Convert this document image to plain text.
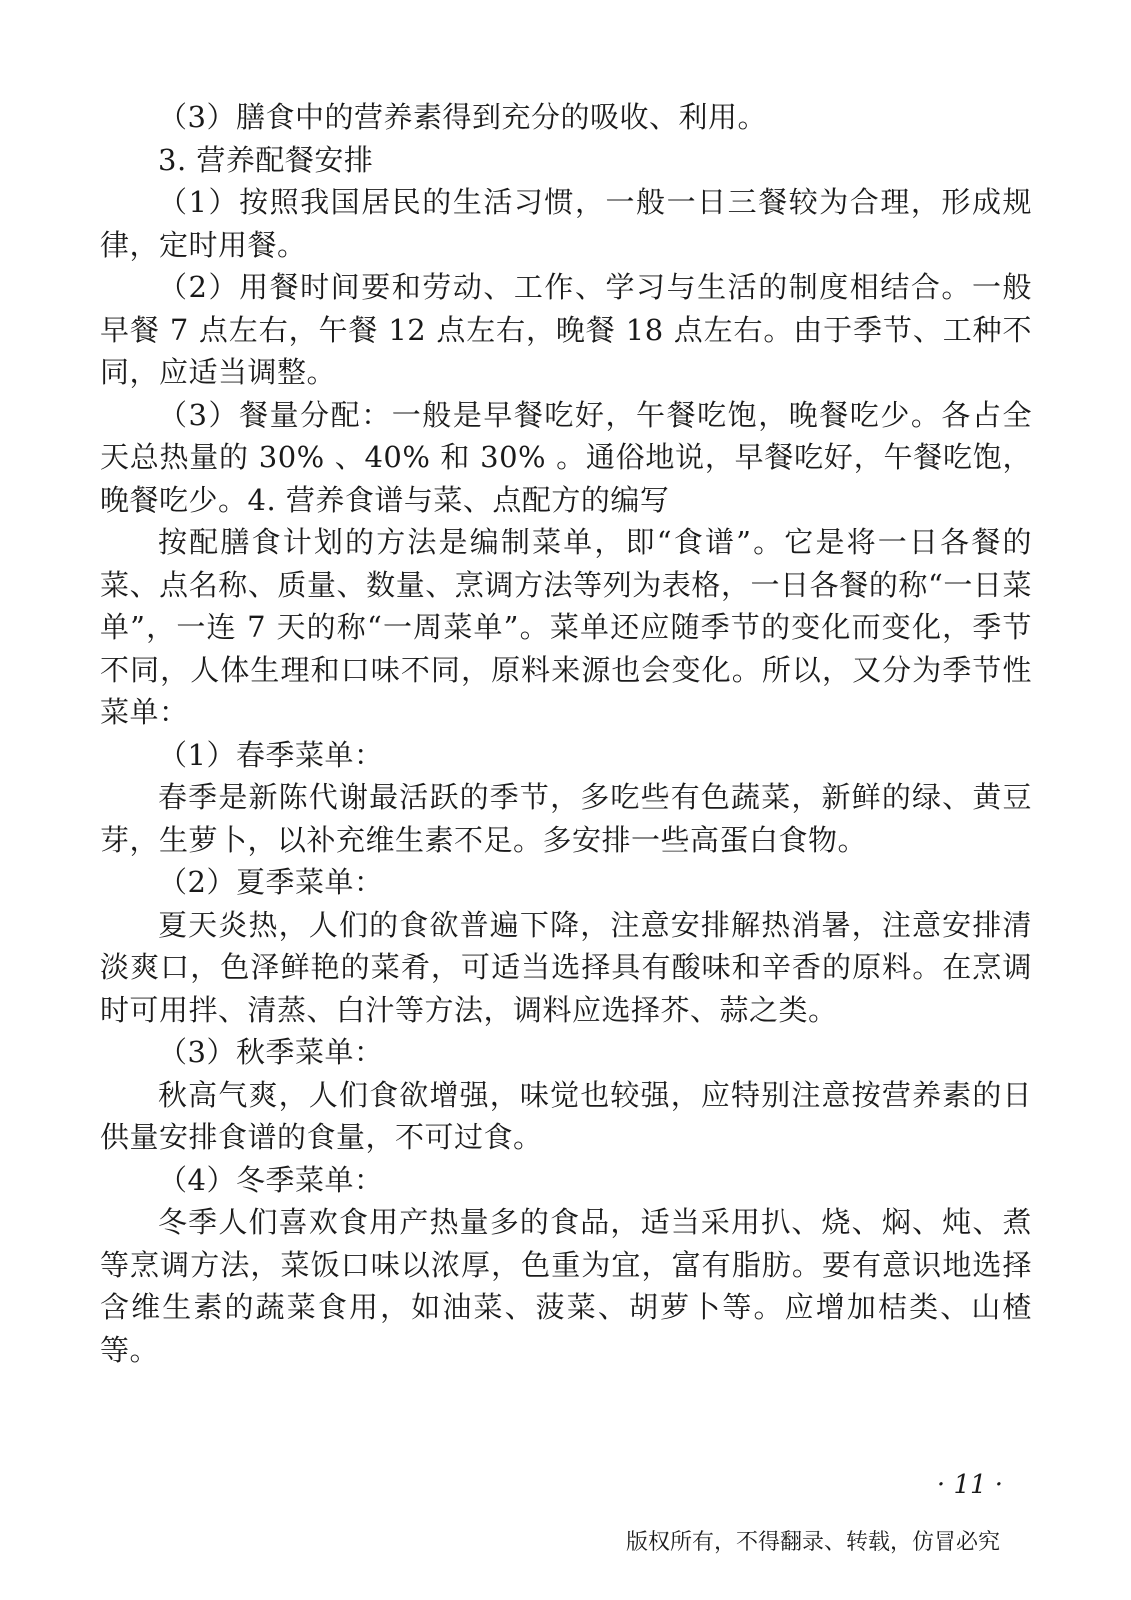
（3）膳食中的营养素得到充分的吸收、利用。

3. 营养配餐安排

（1）按照我国居民的生活习惯，一般一日三餐较为合理，形成规律，定时用餐。

（2）用餐时间要和劳动、工作、学习与生活的制度相结合。一般早餐 7 点左右，午餐 12 点左右，晚餐 18 点左右。由于季节、工种不同，应适当调整。

（3）餐量分配：一般是早餐吃好，午餐吃饱，晚餐吃少。各占全天总热量的 30% 、40% 和 30% 。通俗地说，早餐吃好，午餐吃饱，晚餐吃少。4. 营养食谱与菜、点配方的编写

按配膳食计划的方法是编制菜单，即“食谱”。它是将一日各餐的菜、点名称、质量、数量、烹调方法等列为表格，一日各餐的称“一日菜单”，一连 7 天的称“一周菜单”。菜单还应随季节的变化而变化，季节不同，人体生理和口味不同，原料来源也会变化。所以，又分为季节性菜单：

（1）春季菜单：

春季是新陈代谢最活跃的季节，多吃些有色蔬菜，新鲜的绿、黄豆芽，生萝卜，以补充维生素不足。多安排一些高蛋白食物。

（2）夏季菜单：

夏天炎热，人们的食欲普遍下降，注意安排解热消暑，注意安排清淡爽口，色泽鲜艳的菜肴，可适当选择具有酸味和辛香的原料。在烹调时可用拌、清蒸、白汁等方法，调料应选择芥、蒜之类。

（3）秋季菜单：

秋高气爽，人们食欲增强，味觉也较强，应特别注意按营养素的日供量安排食谱的食量，不可过食。

（4）冬季菜单：

冬季人们喜欢食用产热量多的食品，适当采用扒、烧、焖、炖、煮等烹调方法，菜饭口味以浓厚，色重为宜，富有脂肪。要有意识地选择含维生素的蔬菜食用，如油菜、菠菜、胡萝卜等。应增加桔类、山楂等。

· 11 ·
版权所有，不得翻录、转载，仿冒必究
